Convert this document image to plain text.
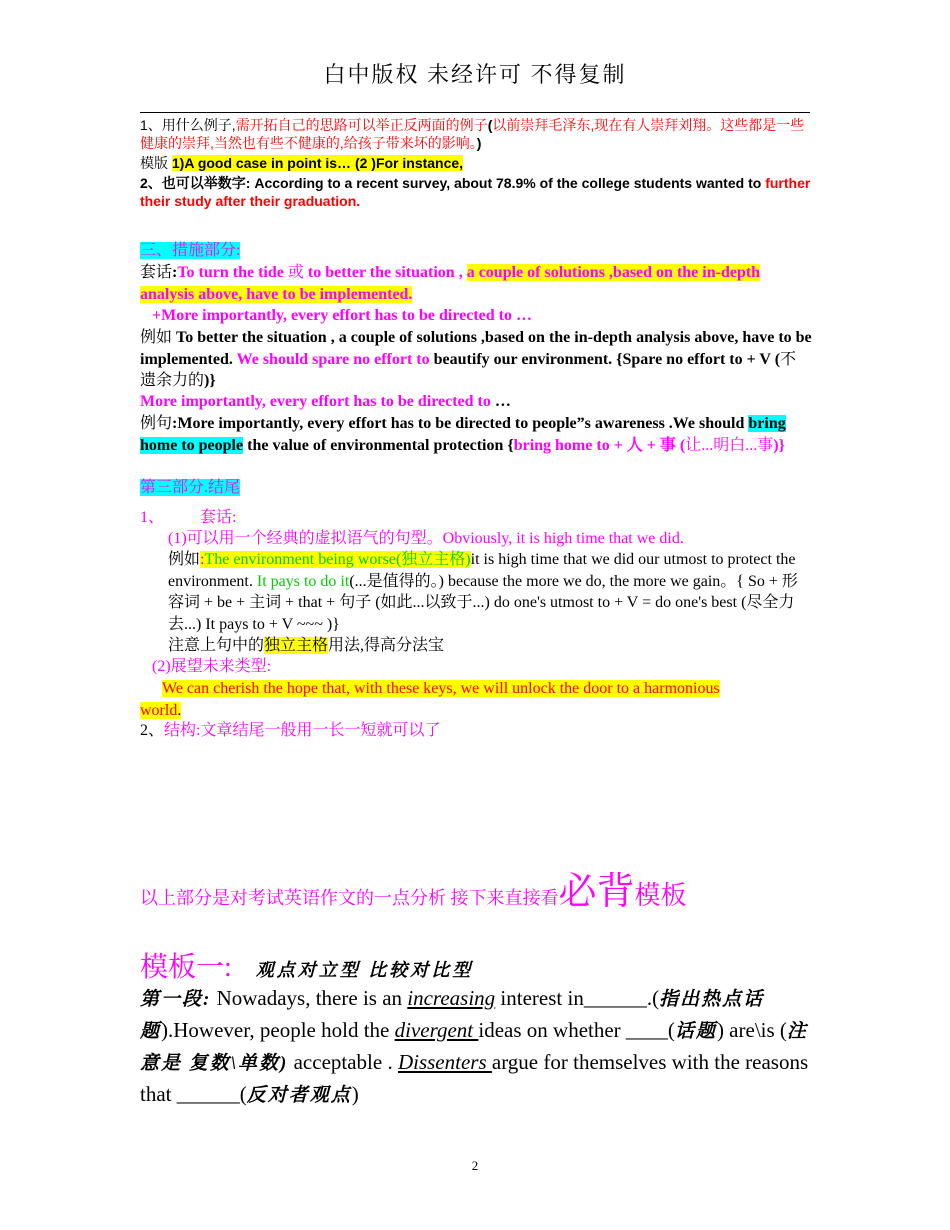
白中版权 未经许可 不得复制
1、用什么例子,需开拓自己的思路可以举正反两面的例子(以前崇拜毛泽东,现在有人崇拜刘翔。这些都是一些健康的崇拜,当然也有些不健康的,给孩子带来坏的影响。)
模版 1)A good case in point is… (2 )For instance,
2、也可以举数字: According to a recent survey, about 78.9% of the college students wanted to further their study after their graduation.
三、措施部分:
套话:To turn the tide 或 to better the situation , a couple of solutions ,based on the in-depth analysis above, have to be implemented.
+More importantly, every effort has to be directed to …
例如 To better the situation , a couple of solutions ,based on the in-depth analysis above, have to be implemented. We should spare no effort to beautify our environment. {Spare no effort to + V (不遗余力的)}
More importantly, every effort has to be directed to …
例句:More importantly, every effort has to be directed to people”s awareness .We should bring home to people the value of environmental protection {bring home to + 人 + 事 (让...明白...事)}
第三部分.结尾
1、 套话:
(1)可以用一个经典的虚拟语气的句型。Obviously, it is high time that we did.
例如:The environment being worse(独立主格)it is high time that we did our utmost to protect the environment. It pays to do it(...是值得的。) because the more we do, the more we gain。{ So + 形容词 + be + 主词 + that + 句子 (如此...以致于...) do one's utmost to + V = do one's best (尽全力去...) It pays to + V ~~~ )}
注意上句中的独立主格用法,得高分法宝
(2)展望未来类型:
We can cherish the hope that, with these keys, we will unlock the door to a harmonious world.
2、结构:文章结尾一般用一长一短就可以了
以上部分是对考试英语作文的一点分析 接下来直接看必背模板
模板一: 观点对立型 比较对比型
第一段: Nowadays, there is an increasing interest in______.(指出热点话题).However, people hold the divergent ideas on whether ____(话题) are\is (注意是 复数\单数) acceptable . Dissenters argue for themselves with the reasons that ______(反对者观点)
2
